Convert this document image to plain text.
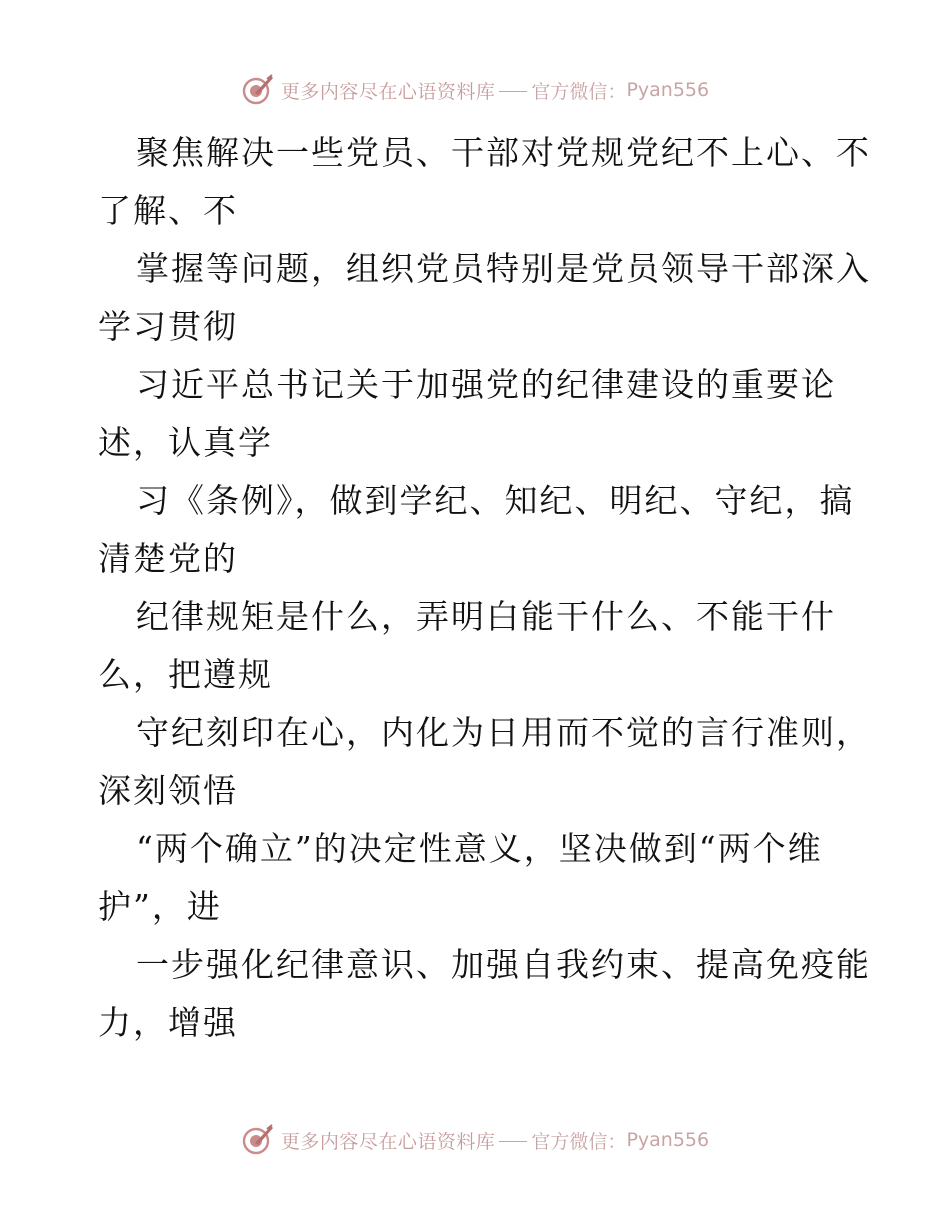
更多内容尽在心语资料库 官方微信： Pyan556
聚焦解决一些党员、干部对党规党纪不上心、不
了解、不
掌握等问题，组织党员特别是党员领导干部深入
学习贯彻
习近平总书记关于加强党的纪律建设的重要论
述，认真学
习《条例》，做到学纪、知纪、明纪、守纪，搞
清楚党的
纪律规矩是什么，弄明白能干什么、不能干什
么，把遵规
守纪刻印在心，内化为日用而不觉的言行准则，
深刻领悟
“两个确立”的决定性意义，坚决做到“两个维
护”，进
一步强化纪律意识、加强自我约束、提高免疫能
力，增强
更多内容尽在心语资料库 官方微信： Pyan556
